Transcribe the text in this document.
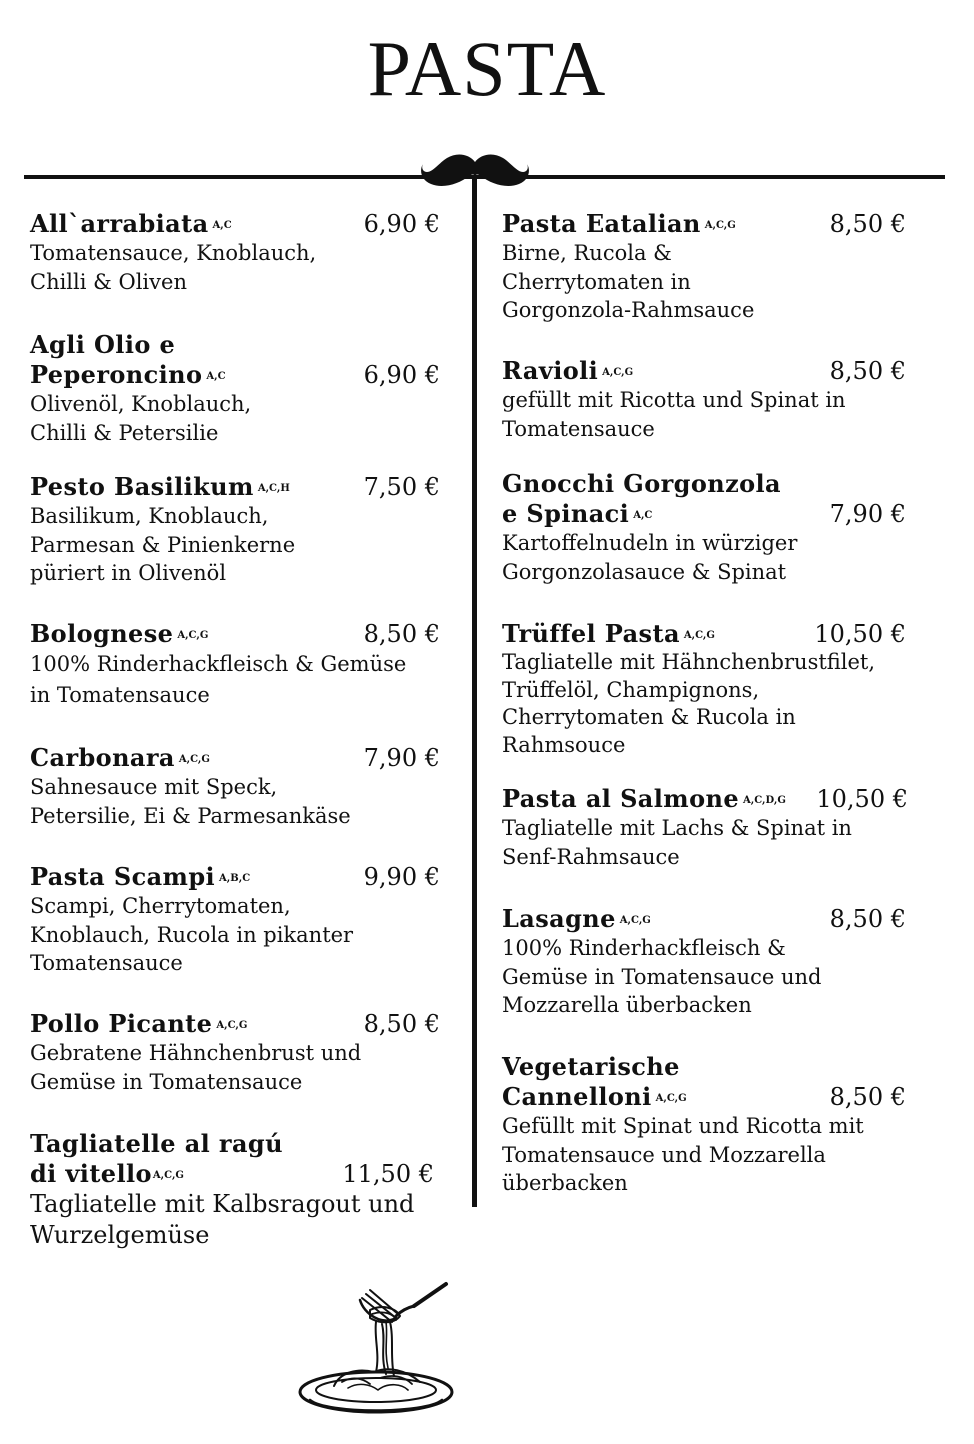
PASTA
All`arrabiata $^{A,C}$	6,90 €
Tomatensauce, Knoblauch,
Chilli & Oliven
Agli Olio e
Peperoncino $^{A,C}$	6,90 €
Olivenöl, Knoblauch,
Chilli & Petersilie
Pesto Basilikum $^{A,C,H}$	7,50 €
Basilikum, Knoblauch,
Parmesan & Pinienkerne
püriert in Olivenöl
Bolognese $^{A,C,G}$	8,50 €
100% Rinderhackfleisch & Gemüse
in Tomatensauce
Carbonara $^{A,C,G}$	7,90 €
Sahnesauce mit Speck,
Petersilie, Ei & Parmesankäse
Pasta Scampi $^{A,B,C}$	9,90 €
Scampi, Cherrytomaten,
Knoblauch, Rucola in pikanter
Tomatensauce
Pollo Picante $^{A,C,G}$	8,50 €
Gebratene Hähnchenbrust und
Gemüse in Tomatensauce
Tagliatelle al ragú
di vitello$^{A,C,G}$	11,50 €
Tagliatelle mit Kalbsragout und
Wurzelgemüse
Pasta Eatalian $^{A,C,G}$	8,50 €
Birne, Rucola &
Cherrytomaten in
Gorgonzola-Rahmsauce
Ravioli $^{A,C,G}$	8,50 €
gefüllt mit Ricotta und Spinat in
Tomatensauce
Gnocchi Gorgonzola
e Spinaci $^{A,C}$	7,90 €
Kartoffelnudeln in würziger
Gorgonzolasauce & Spinat
Trüffel Pasta $^{A,C,G}$	10,50 €
Tagliatelle mit Hähnchenbrustfilet,
Trüffelöl, Champignons,
Cherrytomaten & Rucola in
Rahmsouce
Pasta al Salmone $^{A,C,D,G}$	10,50 €
Tagliatelle mit Lachs & Spinat in
Senf-Rahmsauce
Lasagne $^{A,C,G}$	8,50 €
100% Rinderhackfleisch &
Gemüse in Tomatensauce und
Mozzarella überbacken
Vegetarische
Cannelloni $^{A,C,G}$	8,50 €
Gefüllt mit Spinat und Ricotta mit
Tomatensauce und Mozzarella
überbacken
